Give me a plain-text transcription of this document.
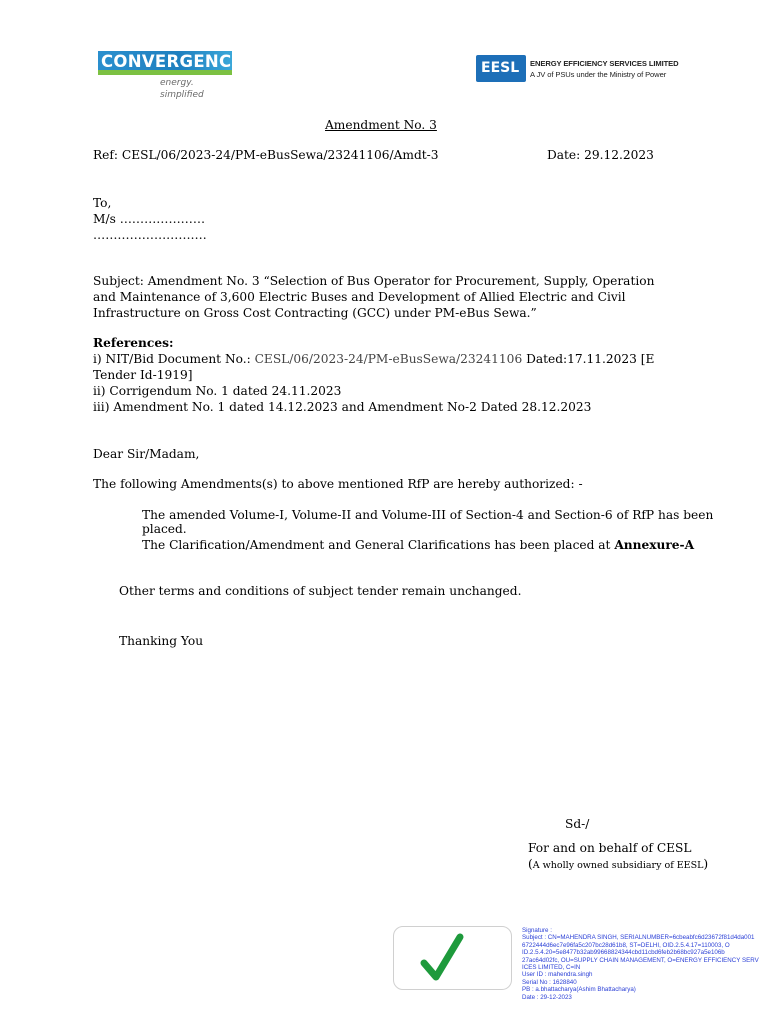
CONVERGENCE
energy. simplified
EESL ENERGY EFFICIENCY SERVICES LIMITED
A JV of PSUs under the Ministry of Power
Amendment No. 3
Ref: CESL/06/2023-24/PM-eBusSewa/23241106/Amdt-3	Date: 29.12.2023
To,
M/s …………………
……………………….
Subject: Amendment No. 3 “Selection of Bus Operator for Procurement, Supply, Operation
and Maintenance of 3,600 Electric Buses and Development of Allied Electric and Civil
Infrastructure on Gross Cost Contracting (GCC) under PM-eBus Sewa.”
References:
i) NIT/Bid Document No.: CESL/06/2023-24/PM-eBusSewa/23241106 Dated:17.11.2023 [E
Tender Id-1919]
ii) Corrigendum No. 1 dated 24.11.2023
iii) Amendment No. 1 dated 14.12.2023 and Amendment No-2 Dated 28.12.2023
Dear Sir/Madam,
The following Amendments(s) to above mentioned RfP are hereby authorized: -
The amended Volume-I, Volume-II and Volume-III of Section-4 and Section-6 of RfP has been
placed.
The Clarification/Amendment and General Clarifications has been placed at Annexure-A
Other terms and conditions of subject tender remain unchanged.
Thanking You
Sd-/
For and on behalf of CESL
(A wholly owned subsidiary of EESL)
Signature :
Subject : CN=MAHENDRA SINGH, SERIALNUMBER=6cbeabfc6d23672f81d4da001
6722444d6ec7e96fa5c207bc28d61b8, ST=DELHI, OID.2.5.4.17=110003, O
ID.2.5.4.20=5e8477b32ab99668824344cbd11cbd6feb2b68bc927a5e106b
27ac64d02fc, OU=SUPPLY CHAIN MANAGEMENT, O=ENERGY EFFICIENCY SERV
ICES LIMITED, C=IN
User ID : mahendra.singh
Serial No : 1628840
PB : a.bhattacharya(Ashim Bhattacharya)
Date : 29-12-2023
